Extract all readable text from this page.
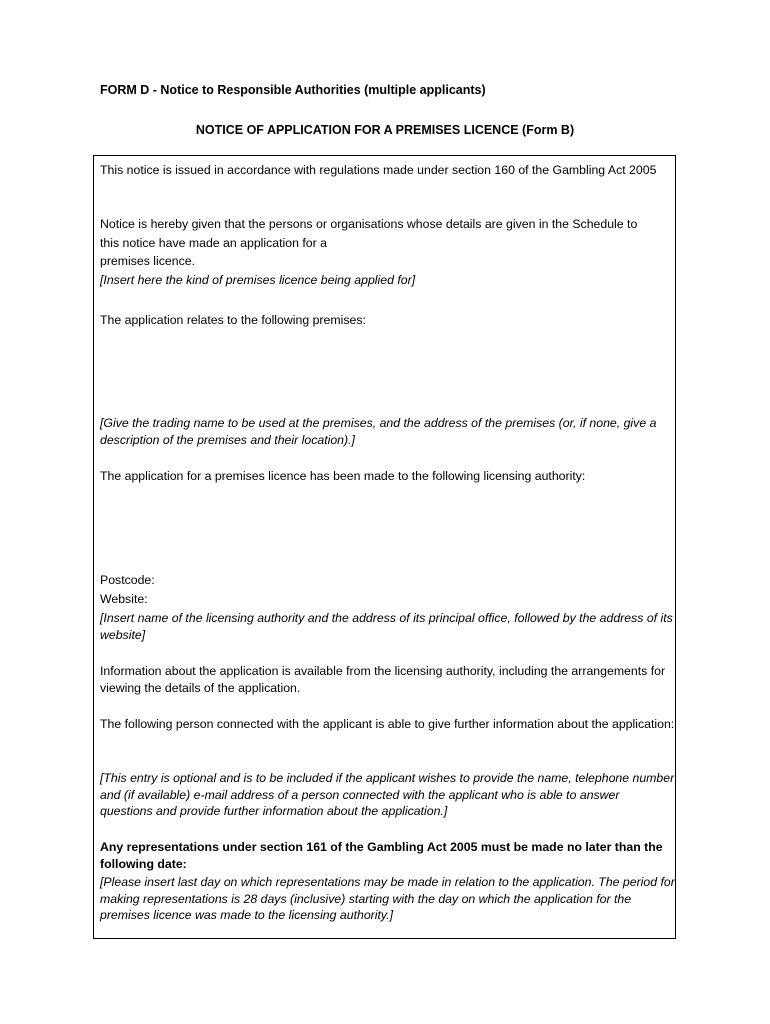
FORM D - Notice to Responsible Authorities (multiple applicants)
NOTICE OF APPLICATION FOR A PREMISES LICENCE (Form B)

This notice is issued in accordance with regulations made under section 160 of the Gambling Act 2005

Notice is hereby given that the persons or organisations whose details are given in the Schedule to
this notice have made an application for a
premises licence.
[Insert here the kind of premises licence being applied for]

The application relates to the following premises:

[Give the trading name to be used at the premises, and the address of the premises (or, if none, give a description of the premises and their location).]

The application for a premises licence has been made to the following licensing authority:

Postcode:

Website:

[Insert name of the licensing authority and the address of its principal office, followed by the address of its website]

Information about the application is available from the licensing authority, including the arrangements for viewing the details of the application.

The following person connected with the applicant is able to give further information about the application:

[This entry is optional and is to be included if the applicant wishes to provide the name, telephone number and (if available) e-mail address of a person connected with the applicant who is able to answer questions and provide further information about the application.]

Any representations under section 161 of the Gambling Act 2005 must be made no later than the following date:

[Please insert last day on which representations may be made in relation to the application. The period for making representations is 28 days (inclusive) starting with the day on which the application for the premises licence was made to the licensing authority.]
